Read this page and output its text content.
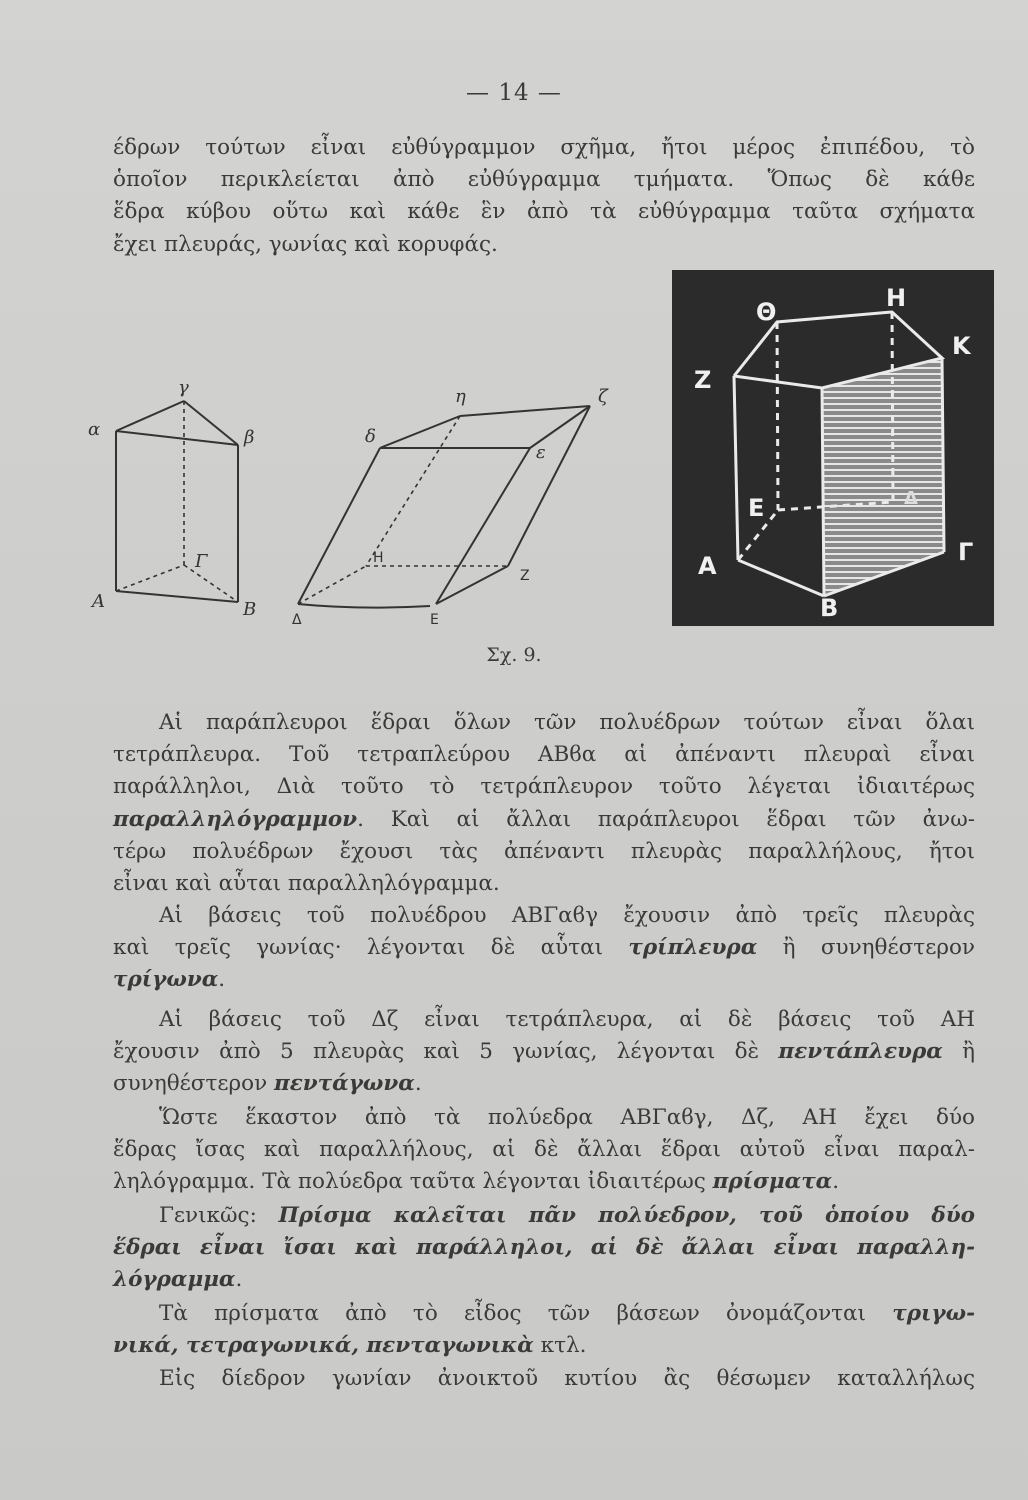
— 14 —
έδρων τούτων εἶναι εὐθύγραμμον σχῆμα, ἤτοι μέρος ἐπιπέδου, τὸ
ὁποῖον περικλείεται ἀπὸ εὐθύγραμμα τμήματα. Ὅπως δὲ κάθε
ἕδρα κύβου οὕτω καὶ κάθε ἓν ἀπὸ τὰ εὐθύγραμμα ταῦτα σχήματα
ἔχει πλευράς, γωνίας καὶ κορυφάς.
α
γ
β
Α
Γ
Β
δ
η	ζ
ε
Η
Ζ
Δ	Ε
Θ	Η
Κ
Ζ
Ε	Δ
Α
Β
Γ
Σχ. 9.
Αἱ παράπλευροι ἕδραι ὅλων τῶν πολυέδρων τούτων εἶναι ὅλαι
τετράπλευρα. Τοῦ τετραπλεύρου ΑΒϐα αἱ ἀπέναντι πλευραὶ εἶναι
παράλληλοι, Διὰ τοῦτο τὸ τετράπλευρον τοῦτο λέγεται ἰδιαιτέρως
παραλληλόγραμμον. Καὶ αἱ ἄλλαι παράπλευροι ἕδραι τῶν ἀνω-
τέρω πολυέδρων ἔχουσι τὰς ἀπέναντι πλευρὰς παραλλήλους, ἤτοι
εἶναι καὶ αὗται παραλληλόγραμμα.
Αἱ βάσεις τοῦ πολυέδρου ΑΒΓαϐγ ἔχουσιν ἀπὸ τρεῖς πλευρὰς
καὶ τρεῖς γωνίας· λέγονται δὲ αὗται τρίπλευρα ἢ συνηθέστερον
τρίγωνα.
Αἱ βάσεις τοῦ Δζ εἶναι τετράπλευρα, αἱ δὲ βάσεις τοῦ ΑΗ
ἔχουσιν ἀπὸ 5 πλευρὰς καὶ 5 γωνίας, λέγονται δὲ πεντάπλευρα ἢ
συνηθέστερον πεντάγωνα.
Ὥστε ἕκαστον ἀπὸ τὰ πολύεδρα ΑΒΓαϐγ, Δζ, ΑΗ ἔχει δύο
ἕδρας ἴσας καὶ παραλλήλους, αἱ δὲ ἄλλαι ἕδραι αὐτοῦ εἶναι παραλ-
ληλόγραμμα. Τὰ πολύεδρα ταῦτα λέγονται ἰδιαιτέρως πρίσματα.
Γενικῶς: Πρίσμα καλεῖται πᾶν πολύεδρον, τοῦ ὁποίου δύο
ἕδραι εἶναι ἴσαι καὶ παράλληλοι, αἱ δὲ ἄλλαι εἶναι παραλλη-
λόγραμμα.
Τὰ πρίσματα ἀπὸ τὸ εἶδος τῶν βάσεων ὀνομάζονται τριγω-
νικά, τετραγωνικά, πενταγωνικὰ κτλ.
Εἰς δίεδρον γωνίαν ἀνοικτοῦ κυτίου ἂς θέσωμεν καταλλήλως
